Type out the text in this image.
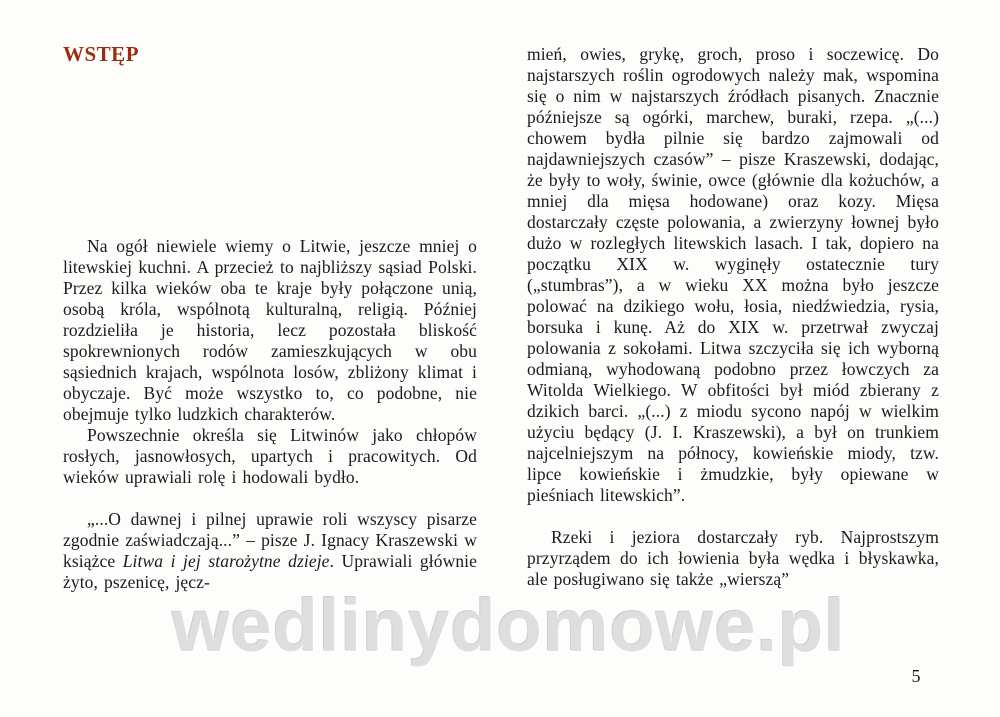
WSTĘP
wedlinydomowe.pl

Na ogół niewiele wiemy o Litwie, jeszcze mniej o litewskiej kuchni. A przecież to najbliższy sąsiad Polski. Przez kilka wieków oba te kraje były połączone unią, osobą króla, wspólnotą kulturalną, religią. Później rozdzieliła je historia, lecz pozostała bliskość spokrewnionych rodów zamieszkujących w obu sąsiednich krajach, wspólnota losów, zbliżony klimat i obyczaje. Być może wszystko to, co podobne, nie obejmuje tylko ludzkich charakterów.

Powszechnie określa się Litwinów jako chłopów rosłych, jasnowłosych, upartych i pracowitych. Od wieków uprawiali rolę i hodowali bydło.

„...O dawnej i pilnej uprawie roli wszyscy pisarze zgodnie zaświadczają...” – pisze J. Ignacy Kraszewski w książce Litwa i jej starożytne dzieje. Uprawiali głównie żyto, pszenicę, jęcz-

mień, owies, grykę, groch, proso i soczewicę. Do najstarszych roślin ogrodowych należy mak, wspomina się o nim w najstarszych źródłach pisanych. Znacznie późniejsze są ogórki, marchew, buraki, rzepa. „(...) chowem bydła pilnie się bardzo zajmowali od najdawniejszych czasów” – pisze Kraszewski, dodając, że były to woły, świnie, owce (głównie dla kożuchów, a mniej dla mięsa hodowane) oraz kozy. Mięsa dostarczały częste polowania, a zwierzyny łownej było dużo w rozległych litewskich lasach. I tak, dopiero na początku XIX w. wyginęły ostatecznie tury („stumbras”), a w wieku XX można było jeszcze polować na dzikiego wołu, łosia, niedźwiedzia, rysia, borsuka i kunę. Aż do XIX w. przetrwał zwyczaj polowania z sokołami. Litwa szczyciła się ich wyborną odmianą, wyhodowaną podobno przez łowczych za Witolda Wielkiego. W obfitości był miód zbierany z dzikich barci. „(...) z miodu sycono napój w wielkim użyciu będący (J. I. Kraszewski), a był on trunkiem najcelniejszym na północy, kowieńskie miody, tzw. lipce kowieńskie i żmudzkie, były opiewane w pieśniach litewskich”.

Rzeki i jeziora dostarczały ryb. Najprostszym przyrządem do ich łowienia była wędka i błyskawka, ale posługiwano się także „wierszą”

5
